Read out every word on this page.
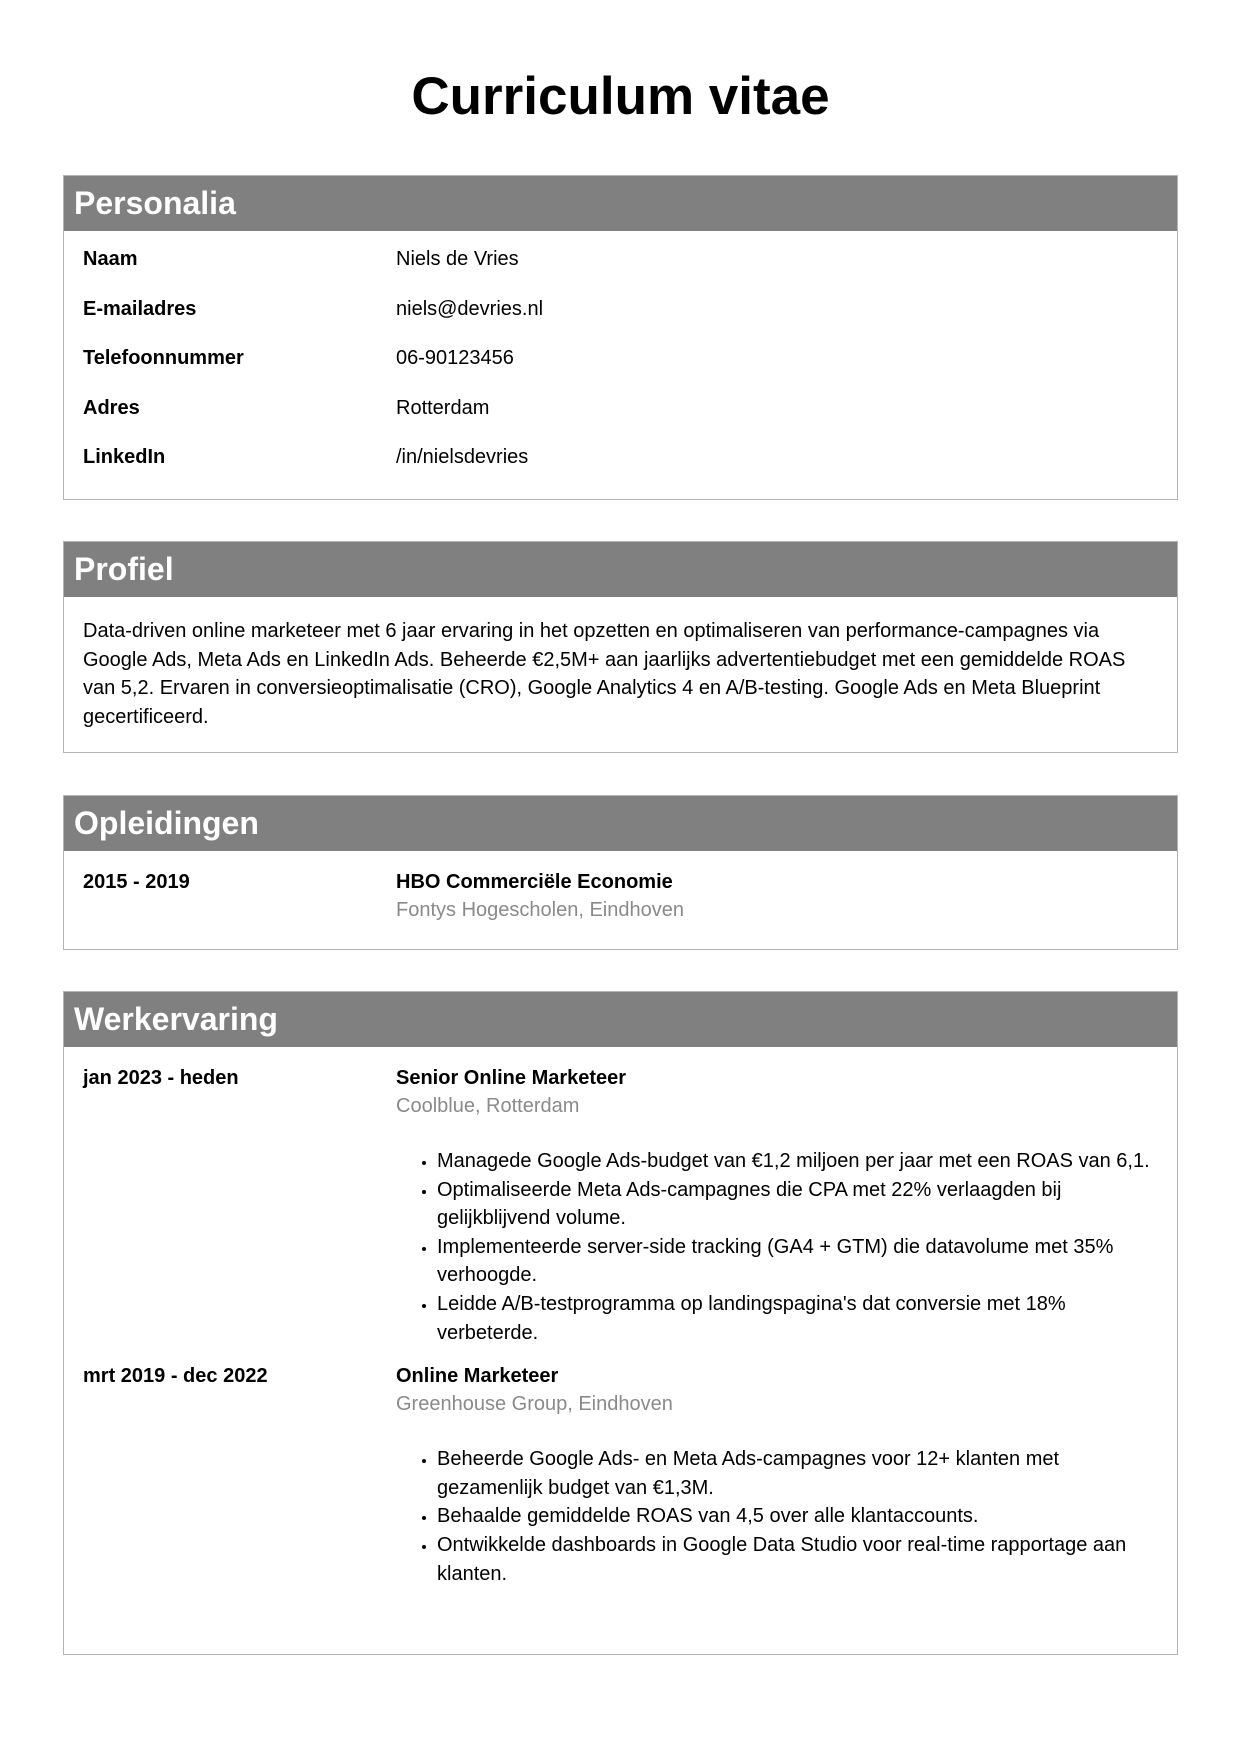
Curriculum vitae
Personalia
Naam	Niels de Vries
E-mailadres	niels@devries.nl
Telefoonnummer	06-90123456
Adres	Rotterdam
LinkedIn	/in/nielsdevries
Profiel

Data-driven online marketeer met 6 jaar ervaring in het opzetten en optimaliseren van performance-campagnes via Google Ads, Meta Ads en LinkedIn Ads. Beheerde €2,5M+ aan jaarlijks advertentiebudget met een gemiddelde ROAS van 5,2. Ervaren in conversieoptimalisatie (CRO), Google Analytics 4 en A/B-testing. Google Ads en Meta Blueprint gecertificeerd.

Opleidingen
2015 - 2019	HBO Commerciële Economie
Fontys Hogescholen, Eindhoven
Werkervaring
jan 2023 - heden	Senior Online Marketeer
Coolblue, Rotterdam
• Managede Google Ads-budget van €1,2 miljoen per jaar met een ROAS van 6,1.
• Optimaliseerde Meta Ads-campagnes die CPA met 22% verlaagden bij gelijkblijvend volume.
• Implementeerde server-side tracking (GA4 + GTM) die datavolume met 35% verhoogde.
• Leidde A/B-testprogramma op landingspagina's dat conversie met 18% verbeterde.
mrt 2019 - dec 2022	Online Marketeer
Greenhouse Group, Eindhoven
• Beheerde Google Ads- en Meta Ads-campagnes voor 12+ klanten met gezamenlijk budget van €1,3M.
• Behaalde gemiddelde ROAS van 4,5 over alle klantaccounts.
• Ontwikkelde dashboards in Google Data Studio voor real-time rapportage aan klanten.
